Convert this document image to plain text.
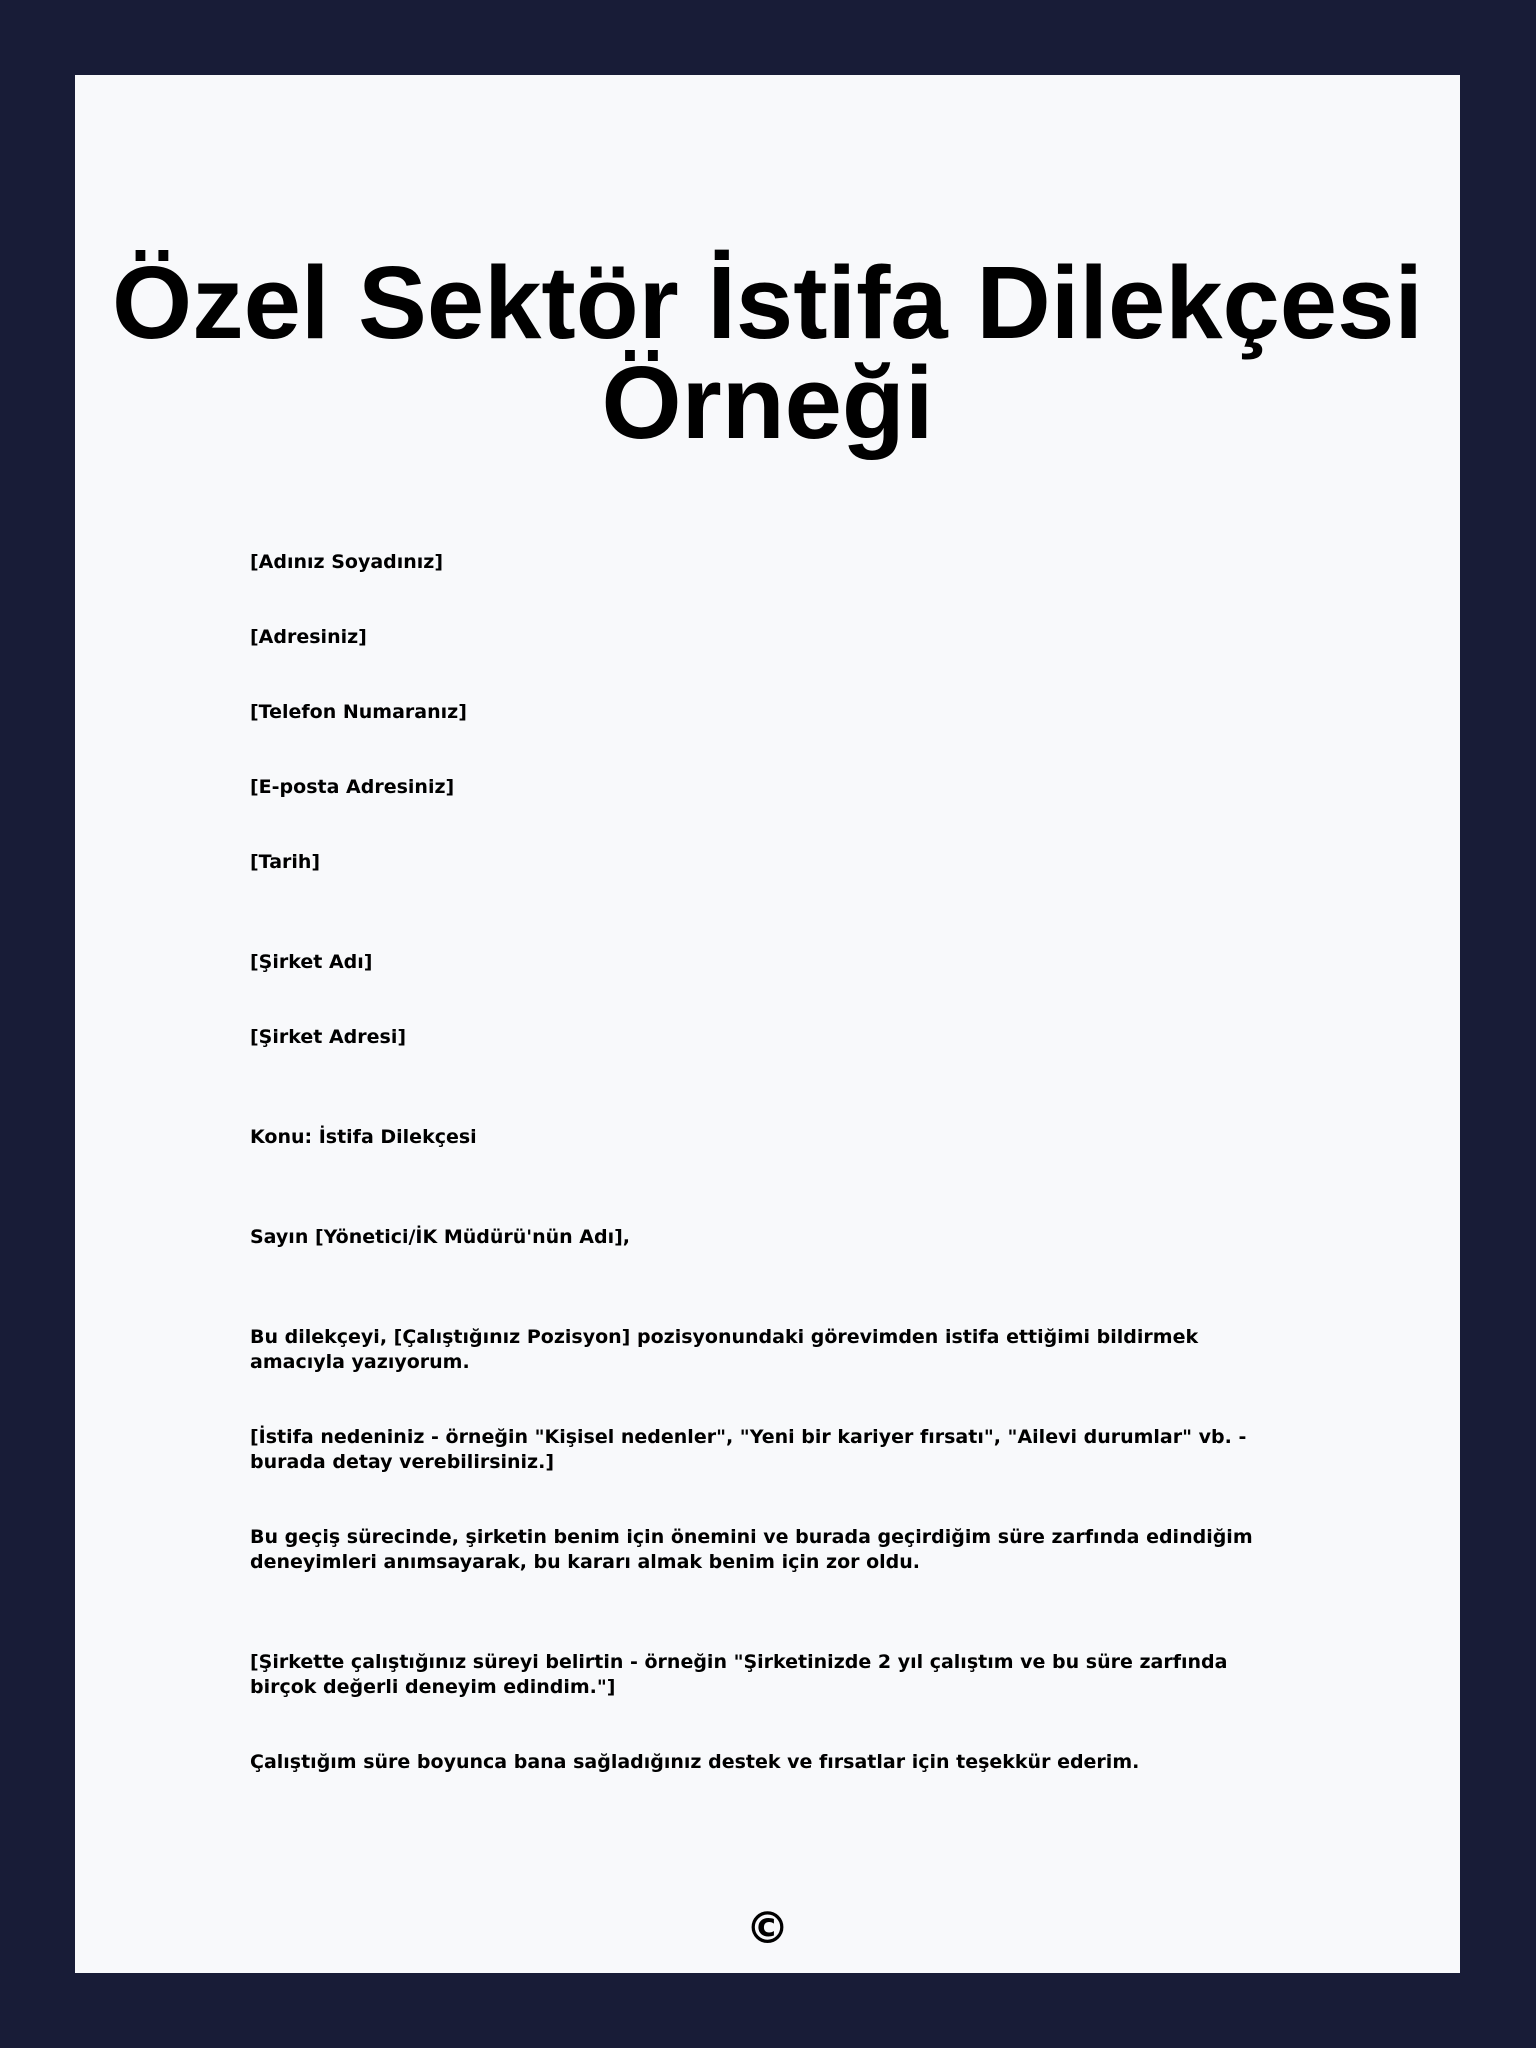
Özel Sektör İstifa Dilekçesi Örneği

[Adınız Soyadınız]

[Adresiniz]

[Telefon Numaranız]

[E-posta Adresiniz]

[Tarih]

[Şirket Adı]

[Şirket Adresi]

Konu: İstifa Dilekçesi

Sayın [Yönetici/İK Müdürü'nün Adı],

Bu dilekçeyi, [Çalıştığınız Pozisyon] pozisyonundaki görevimden istifa ettiğimi bildirmek amacıyla yazıyorum.

[İstifa nedeniniz - örneğin "Kişisel nedenler", "Yeni bir kariyer fırsatı", "Ailevi durumlar" vb. - burada detay verebilirsiniz.]

Bu geçiş sürecinde, şirketin benim için önemini ve burada geçirdiğim süre zarfında edindiğim deneyimleri anımsayarak, bu kararı almak benim için zor oldu.

[Şirkette çalıştığınız süreyi belirtin - örneğin "Şirketinizde 2 yıl çalıştım ve bu süre zarfında birçok değerli deneyim edindim."]

Çalıştığım süre boyunca bana sağladığınız destek ve fırsatlar için teşekkür ederim.

©
